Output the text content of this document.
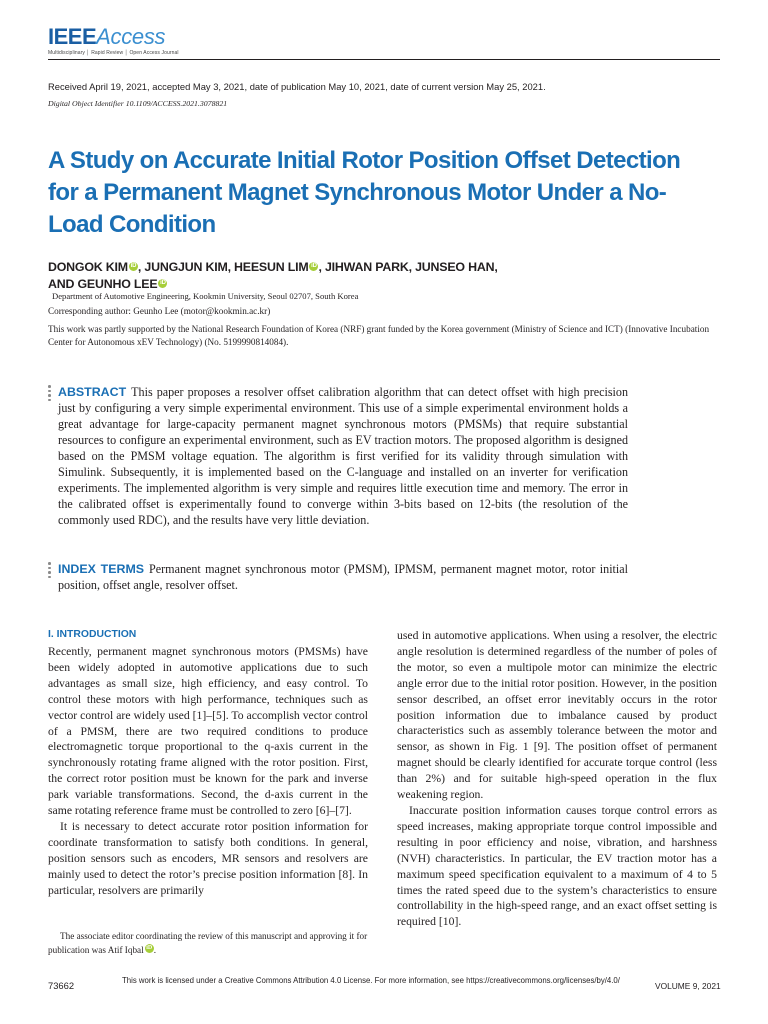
IEEEAccess
Multidisciplinary │ Rapid Review │ Open Access Journal
Received April 19, 2021, accepted May 3, 2021, date of publication May 10, 2021, date of current version May 25, 2021.
Digital Object Identifier 10.1109/ACCESS.2021.3078821
A Study on Accurate Initial Rotor Position Offset Detection for a Permanent Magnet Synchronous Motor Under a No-Load Condition
DONGOK KIM iD , JUNGJUN KIM, HEESUN LIM iD , JIHWAN PARK, JUNSEO HAN,
AND GEUNHO LEE iD
Department of Automotive Engineering, Kookmin University, Seoul 02707, South Korea
Corresponding author: Geunho Lee (motor@kookmin.ac.kr)
This work was partly supported by the National Research Foundation of Korea (NRF) grant funded by the Korea government (Ministry of Science and ICT) (Innovative Incubation Center for Autonomous xEV Technology) (No. 5199990814084).
ABSTRACT This paper proposes a resolver offset calibration algorithm that can detect offset with high precision just by configuring a very simple experimental environment. This use of a simple experimental environment holds a great advantage for large-capacity permanent magnet synchronous motors (PMSMs) that require substantial resources to configure an experimental environment, such as EV traction motors. The proposed algorithm is designed based on the PMSM voltage equation. The algorithm is first verified for its validity through simulation with Simulink. Subsequently, it is implemented based on the C-language and installed on an inverter for verification experiments. The implemented algorithm is very simple and requires little execution time and memory. The error in the calibrated offset is experimentally found to converge within 3-bits based on 12-bits (the resolution of the commonly used RDC), and the results have very little deviation.
INDEX TERMS Permanent magnet synchronous motor (PMSM), IPMSM, permanent magnet motor, rotor initial position, offset angle, resolver offset.
I. INTRODUCTION

Recently, permanent magnet synchronous motors (PMSMs) have been widely adopted in automotive applications due to such advantages as small size, high efficiency, and easy control. To control these motors with high performance, techniques such as vector control are widely used [1]–[5]. To accomplish vector control of a PMSM, there are two required conditions to produce electromagnetic torque proportional to the q-axis current in the synchronously rotating frame aligned with the rotor position. First, the correct rotor position must be known for the park and inverse park variable transformations. Second, the d-axis current in the same rotating reference frame must be controlled to zero [6]–[7].

It is necessary to detect accurate rotor position information for coordinate transformation to satisfy both conditions. In general, position sensors such as encoders, MR sensors and resolvers are mainly used to detect the rotor’s precise position information [8]. In particular, resolvers are primarily

used in automotive applications. When using a resolver, the electric angle resolution is determined regardless of the number of poles of the motor, so even a multipole motor can minimize the electric angle error due to the initial rotor position. However, in the position sensor described, an offset error inevitably occurs in the rotor position information due to imbalance caused by product characteristics such as assembly tolerance between the motor and sensor, as shown in Fig. 1 [9]. The position offset of permanent magnet should be clearly identified for accurate torque control (less than 2%) and for suitable high-speed operation in the flux weakening region.

Inaccurate position information causes torque control errors as speed increases, making appropriate torque control impossible and resulting in poor efficiency and noise, vibration, and harshness (NVH) characteristics. In particular, the EV traction motor has a maximum speed specification equivalent to a maximum of 4 to 5 times the rated speed due to the system’s characteristics to ensure controllability in the high-speed range, and an exact offset setting is required [10].

The associate editor coordinating the review of this manuscript and approving it for publication was Atif Iqbal iD .
73662	This work is licensed under a Creative Commons Attribution 4.0 License. For more information, see https://creativecommons.org/licenses/by/4.0/
VOLUME 9, 2021
